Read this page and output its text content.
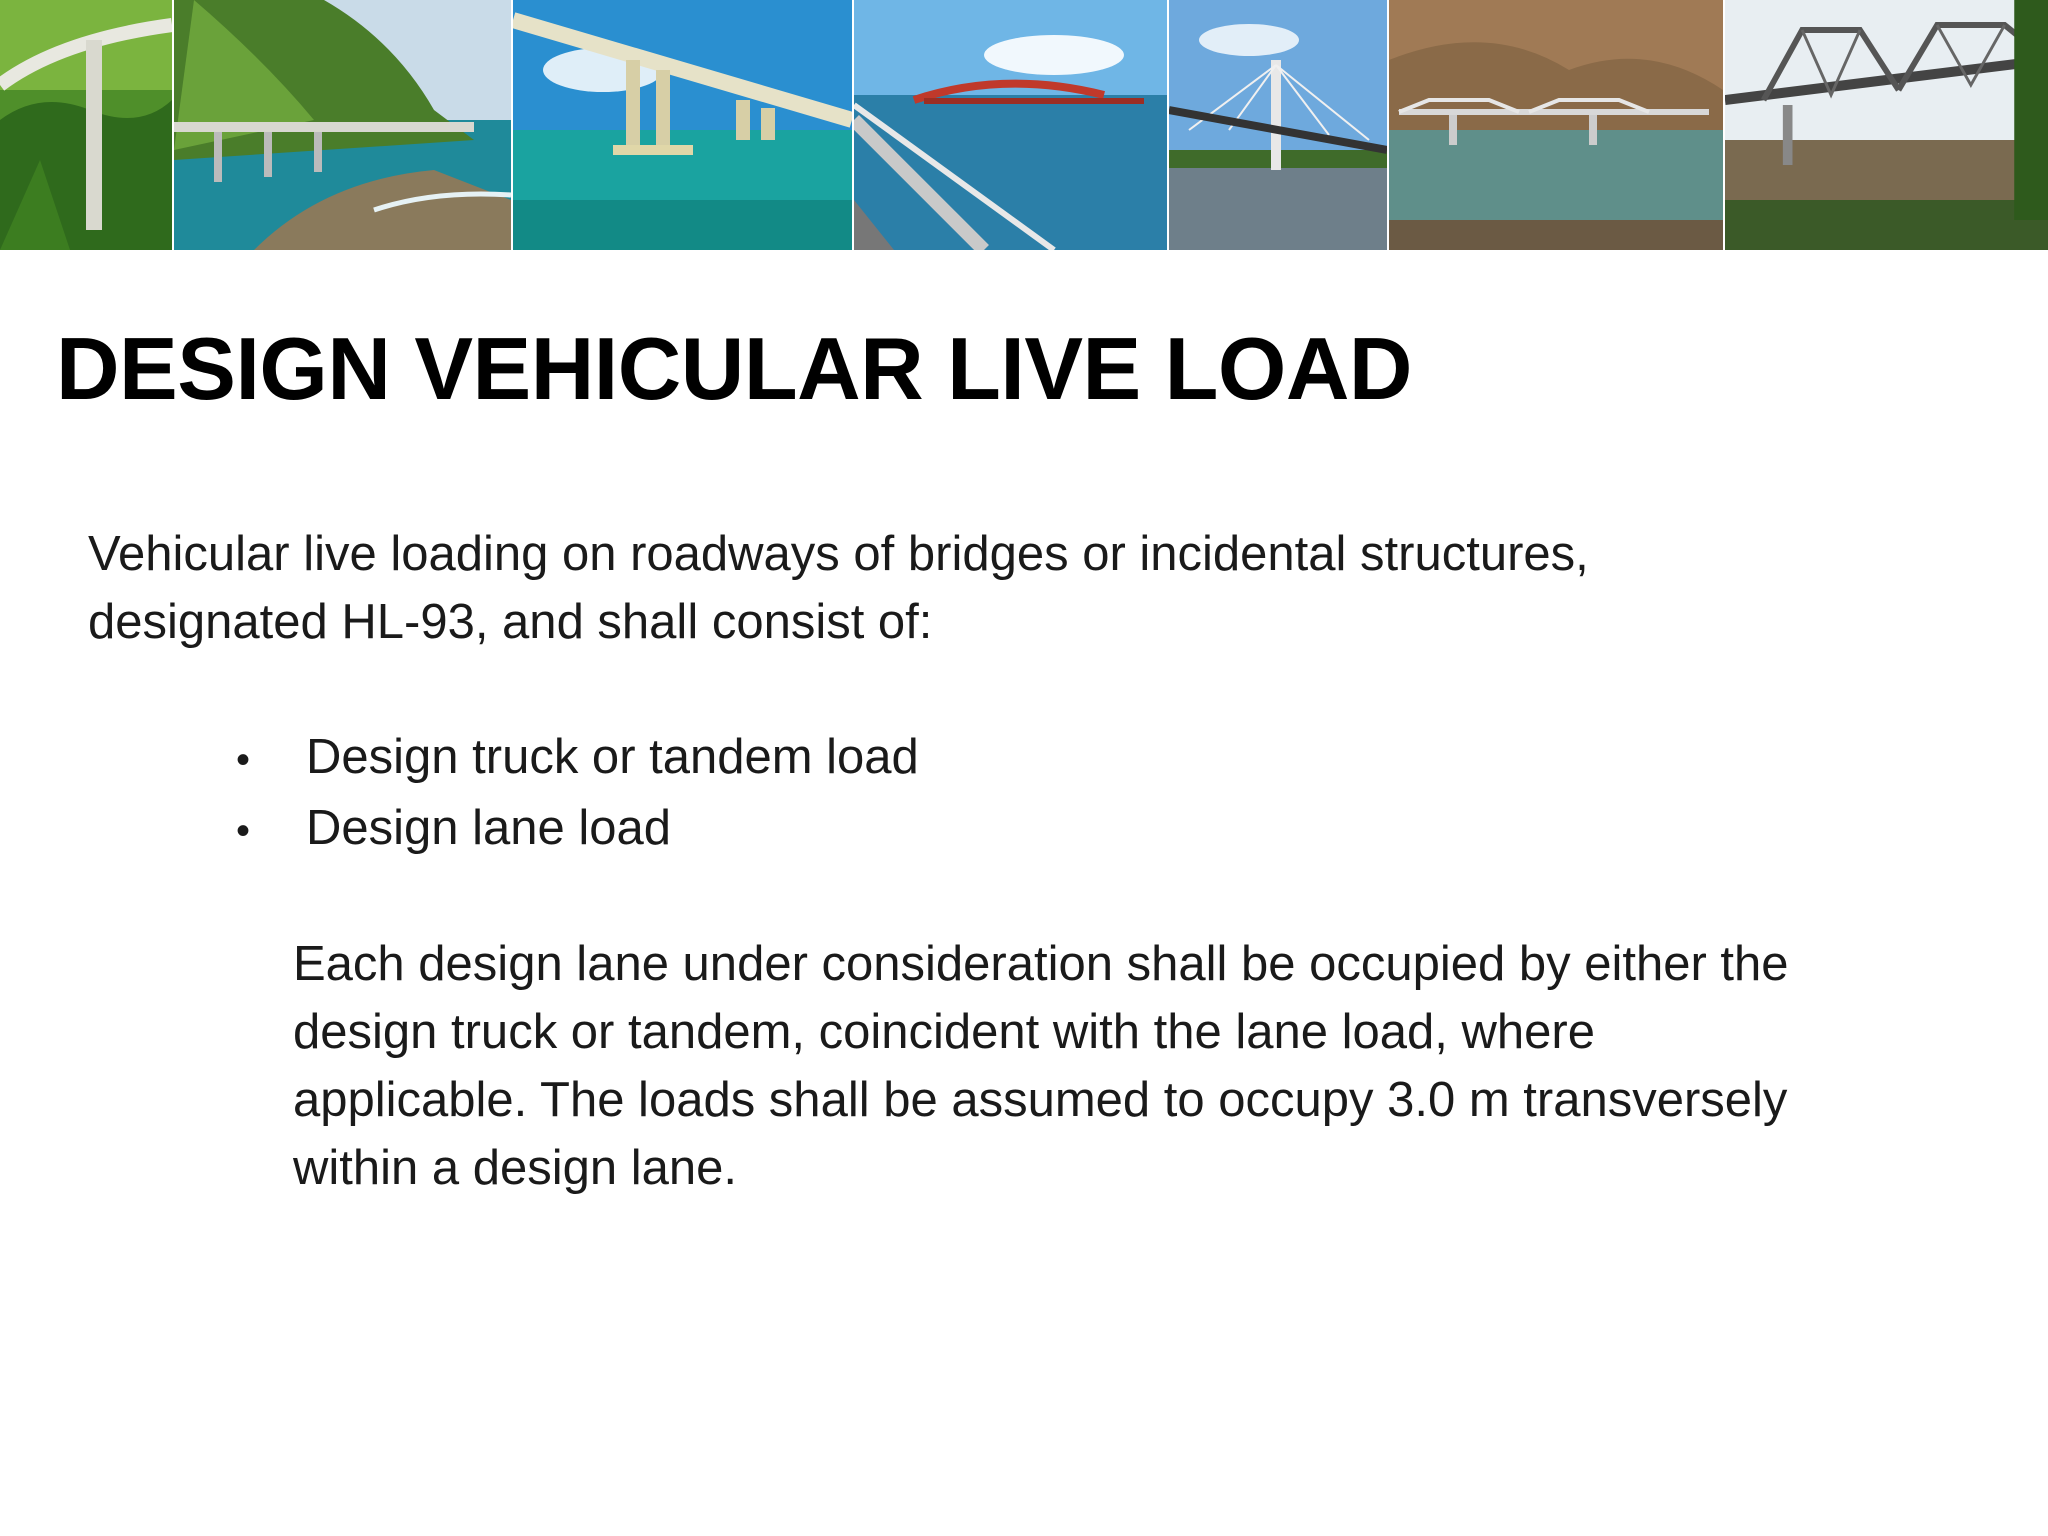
DESIGN VEHICULAR LIVE LOAD

Vehicular live loading on roadways of bridges or incidental structures,
designated HL-93, and shall consist of:

•	Design truck or tandem load
•	Design lane load

Each design lane under consideration shall be occupied by either the
design truck or tandem, coincident with the lane load, where
applicable. The loads shall be assumed to occupy 3.0 m transversely
within a design lane.
